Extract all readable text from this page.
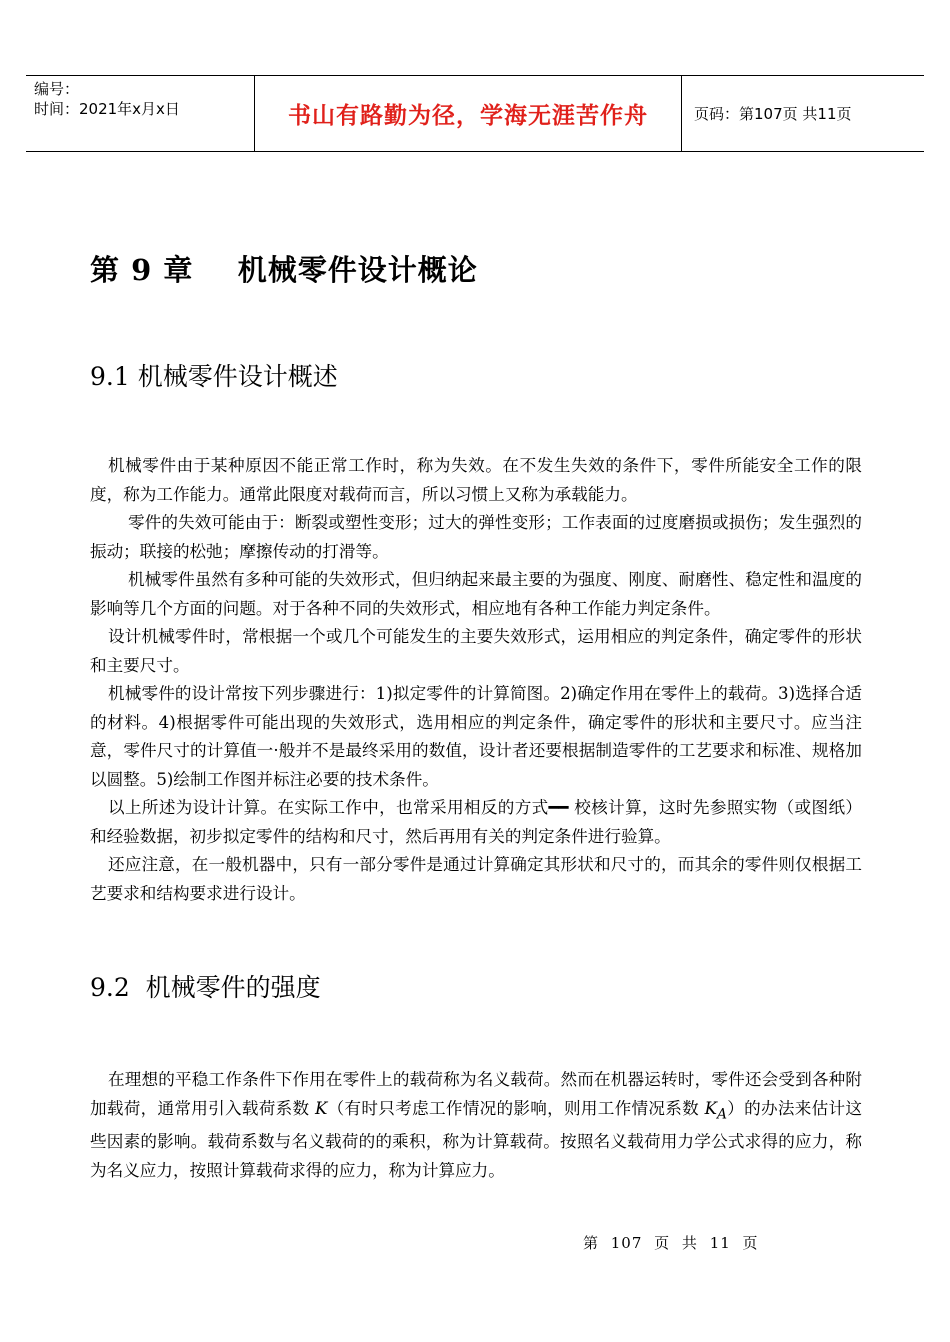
编号：
时间：2021年x月x日	书山有路勤为径，学海无涯苦作舟	页码：第107页 共11页
第 9 章    机械零件设计概论
9.1 机械零件设计概述

机械零件由于某种原因不能正常工作时，称为失效。在不发生失效的条件下，零件所能安全工作的限度，称为工作能力。通常此限度对载荷而言，所以习惯上又称为承载能力。

零件的失效可能由于：断裂或塑性变形；过大的弹性变形；工作表面的过度磨损或损伤；发生强烈的振动；联接的松弛；摩擦传动的打滑等。

机械零件虽然有多种可能的失效形式，但归纳起来最主要的为强度、刚度、耐磨性、稳定性和温度的影响等几个方面的问题。对于各种不同的失效形式，相应地有各种工作能力判定条件。

设计机械零件时，常根据一个或几个可能发生的主要失效形式，运用相应的判定条件，确定零件的形状和主要尺寸。

机械零件的设计常按下列步骤进行：1)拟定零件的计算简图。2)确定作用在零件上的载荷。3)选择合适的材料。4)根据零件可能出现的失效形式，选用相应的判定条件，确定零件的形状和主要尺寸。应当注意，零件尺寸的计算值一·般并不是最终采用的数值，设计者还要根据制造零件的工艺要求和标准、规格加以圆整。5)绘制工作图并标注必要的技术条件。

以上所述为设计计算。在实际工作中，也常采用相反的方式━━ 校核计算，这时先参照实物（或图纸）和经验数据，初步拟定零件的结构和尺寸，然后再用有关的判定条件进行验算。

还应注意，在一般机器中，只有一部分零件是通过计算确定其形状和尺寸的，而其余的零件则仅根据工艺要求和结构要求进行设计。

9.2  机械零件的强度

在理想的平稳工作条件下作用在零件上的载荷称为名义载荷。然而在机器运转时，零件还会受到各种附加载荷，通常用引入载荷系数 K（有时只考虑工作情况的影响，则用工作情况系数 $K_A$）的办法来估计这些因素的影响。载荷系数与名义载荷的的乘积，称为计算载荷。按照名义载荷用力学公式求得的应力，称为名义应力，按照计算载荷求得的应力，称为计算应力。

第 107 页 共 11 页
